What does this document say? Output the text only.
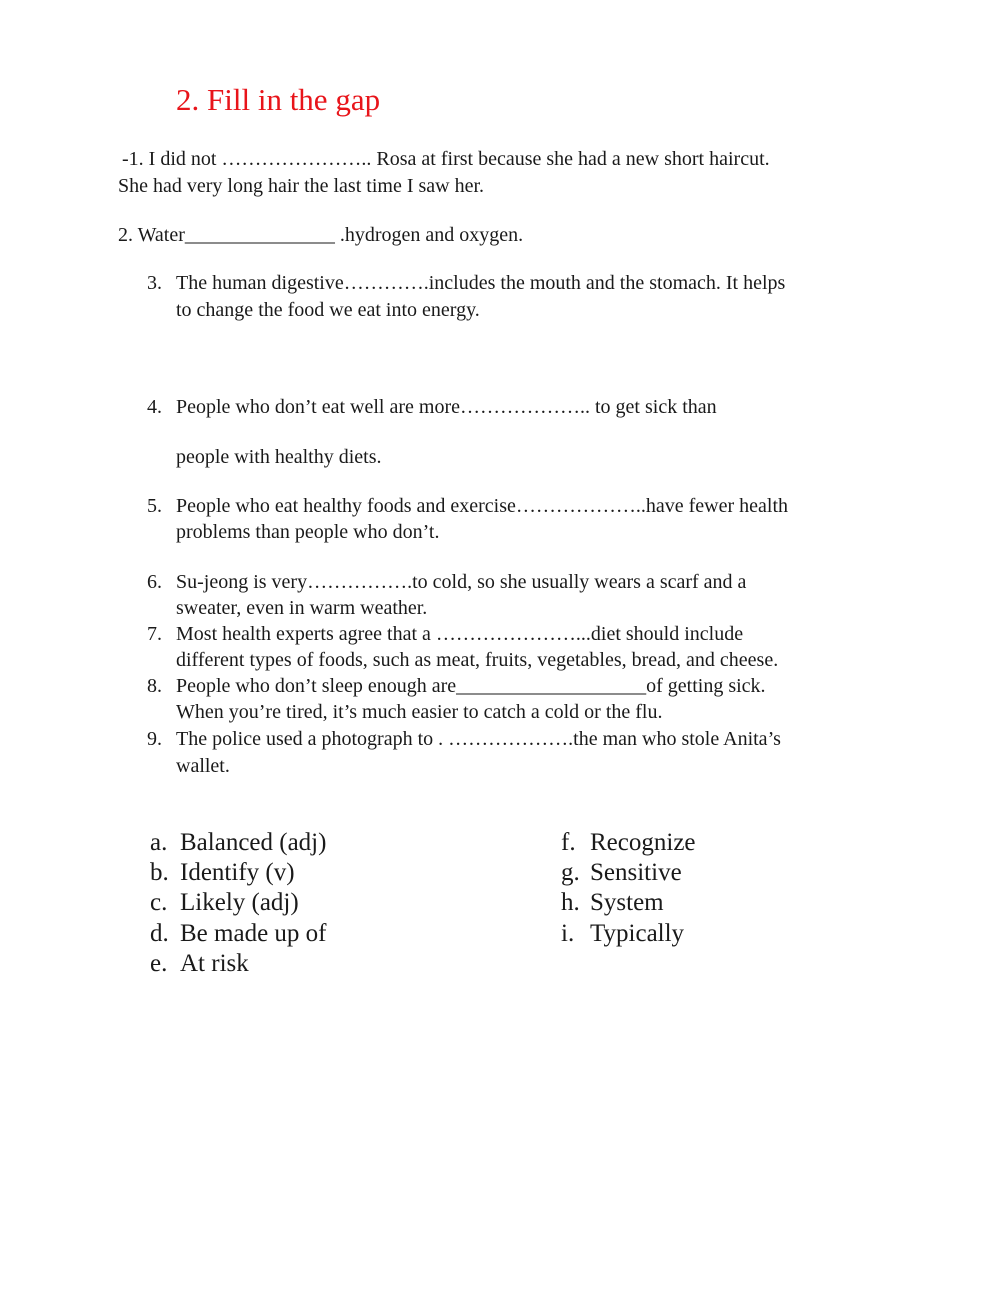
2. Fill in the gap
-1. I did not ………………….. Rosa at first because she had a new short haircut.
She had very long hair the last time I saw her.
2. Water_______________ .hydrogen and oxygen.
3. The human digestive………….includes the mouth and the stomach. It helps
to change the food we eat into energy.
4. People who don’t eat well are more……………….. to get sick than
people with healthy diets.
5. People who eat healthy foods and exercise………………..have fewer health
problems than people who don’t.
6. Su-jeong is very…………….to cold, so she usually wears a scarf and a
sweater, even in warm weather.
7. Most health experts agree that a …………………...diet should include
different types of foods, such as meat, fruits, vegetables, bread, and cheese.
8. People who don’t sleep enough are___________________of getting sick.
When you’re tired, it’s much easier to catch a cold or the flu.
9. The police used a photograph to . ……………….the man who stole Anita’s
wallet.
a. Balanced (adj)
b. Identify (v)
c. Likely (adj)
d. Be made up of
e. At risk
f. Recognize
g. Sensitive
h. System
i. Typically
